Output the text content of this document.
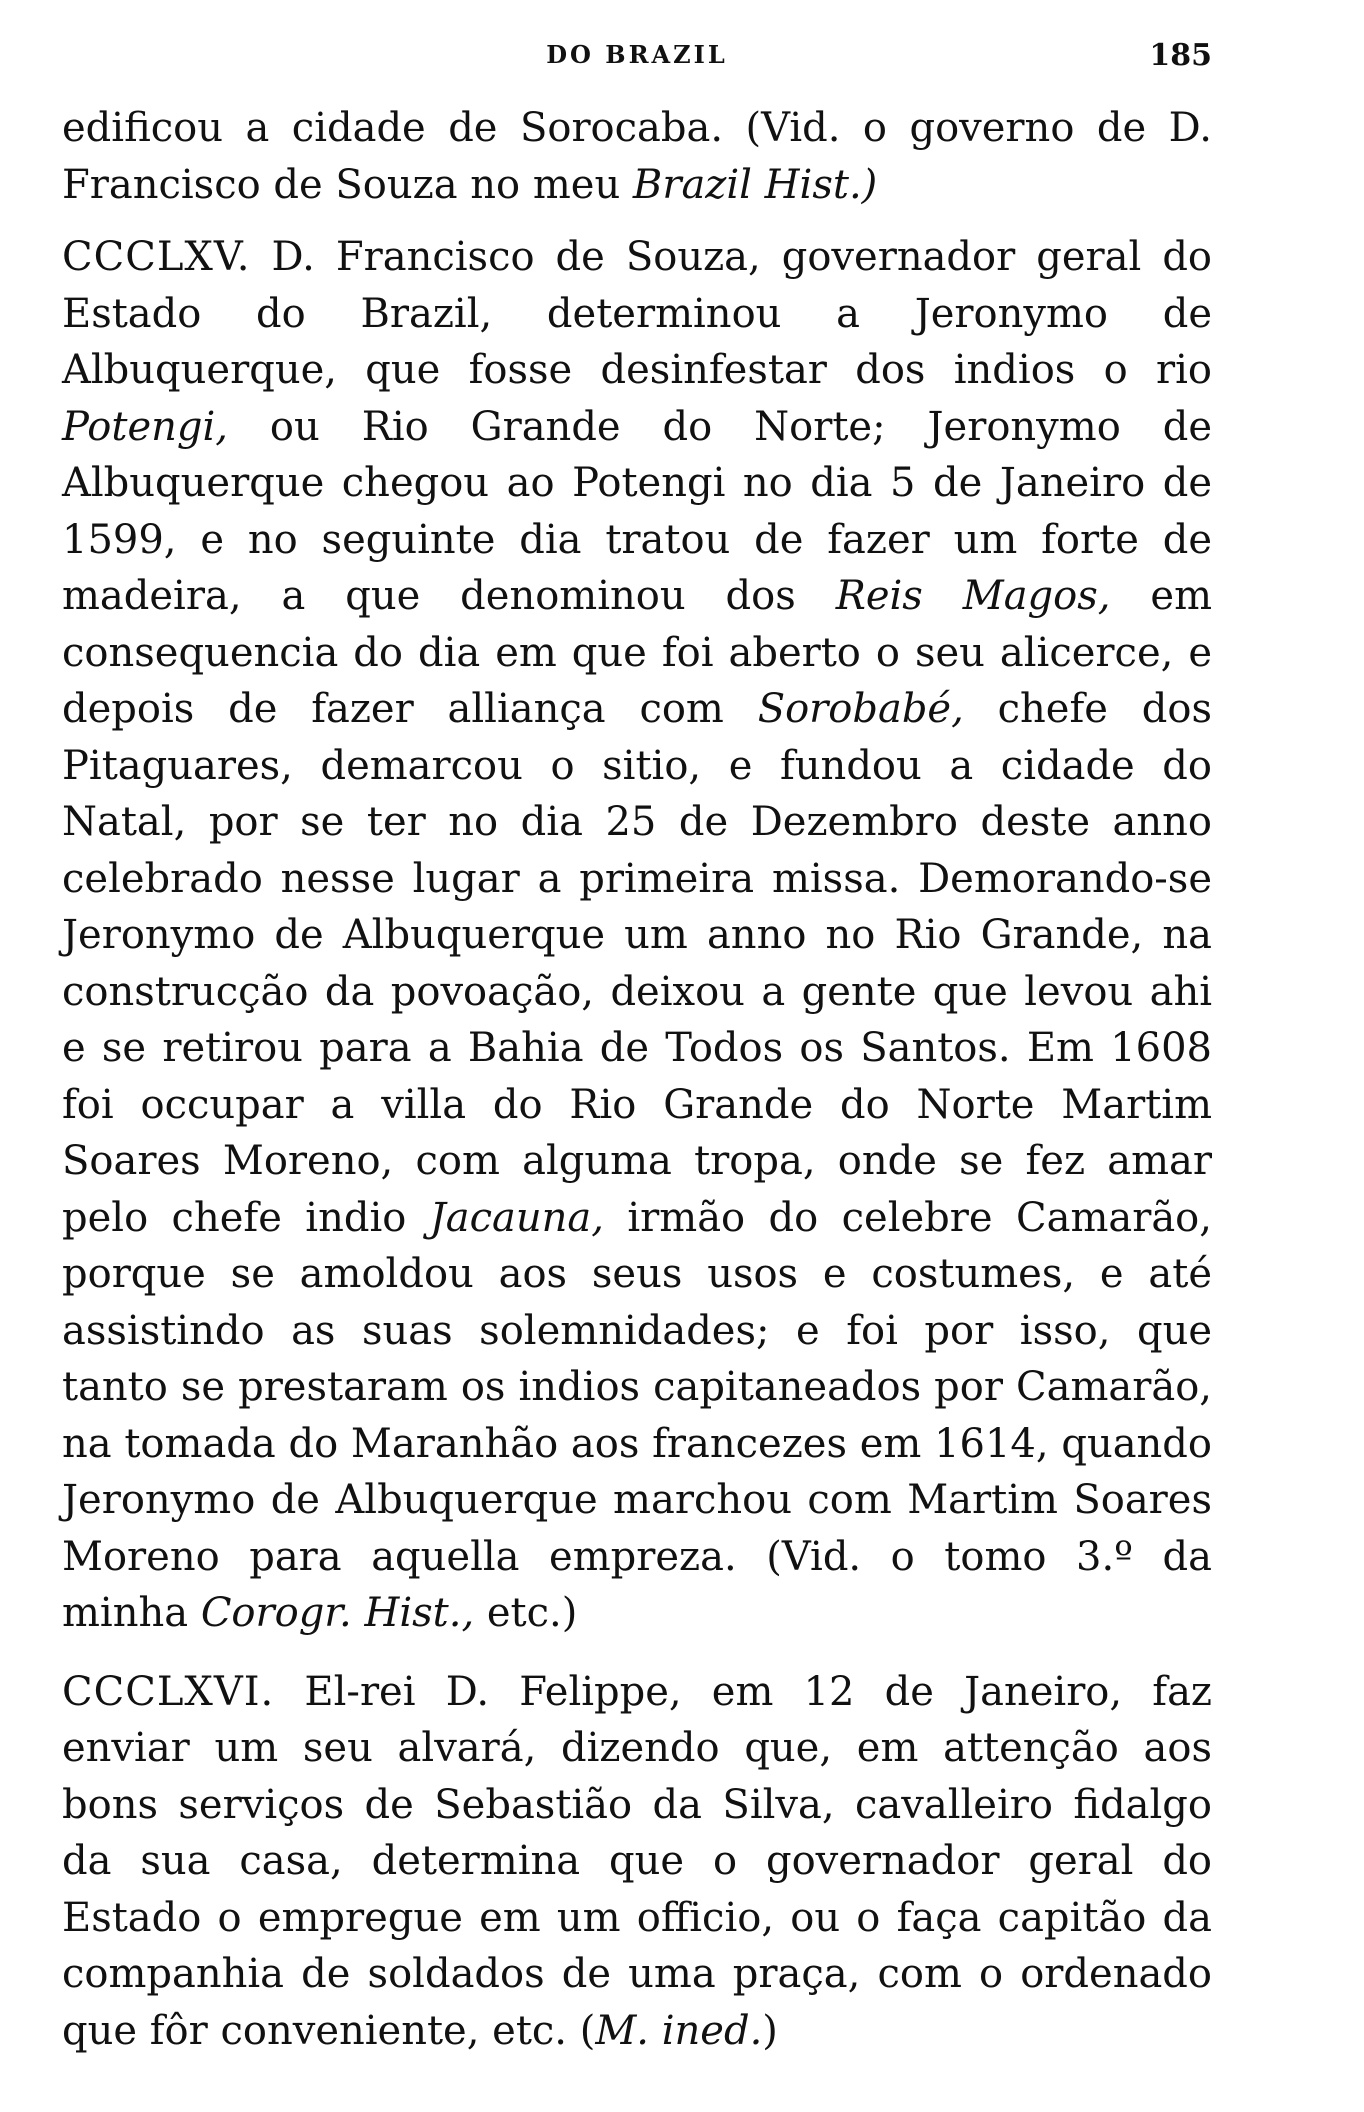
DO BRAZIL	185

edificou a cidade de Sorocaba. (Vid. o governo de D. Francisco de Souza no meu Brazil Hist.)

CCCLXV. D. Francisco de Souza, governador geral do Estado do Brazil, determinou a Jeronymo de Albuquerque, que fosse desinfestar dos indios o rio Potengi, ou Rio Grande do Norte; Jeronymo de Albuquerque chegou ao Potengi no dia 5 de Janeiro de 1599, e no seguinte dia tratou de fazer um forte de madeira, a que denominou dos Reis Magos, em consequencia do dia em que foi aberto o seu alicerce, e depois de fazer alliança com Sorobabé, chefe dos Pitaguares, demarcou o sitio, e fundou a cidade do Natal, por se ter no dia 25 de Dezembro deste anno celebrado nesse lugar a primeira missa. Demorando-se Jeronymo de Albuquerque um anno no Rio Grande, na construcção da povoação, deixou a gente que levou ahi e se retirou para a Bahia de Todos os Santos. Em 1608 foi occupar a villa do Rio Grande do Norte Martim Soares Moreno, com alguma tropa, onde se fez amar pelo chefe indio Jacauna, irmão do celebre Camarão, porque se amoldou aos seus usos e costumes, e até assistindo as suas solemnidades; e foi por isso, que tanto se prestaram os indios capitaneados por Camarão, na tomada do Maranhão aos francezes em 1614, quando Jeronymo de Albuquerque marchou com Martim Soares Moreno para aquella empreza. (Vid. o tomo 3.º da minha Corogr. Hist., etc.)

CCCLXVI. El-rei D. Felippe, em 12 de Janeiro, faz enviar um seu alvará, dizendo que, em attenção aos bons serviços de Sebastião da Silva, cavalleiro fidalgo da sua casa, determina que o governador geral do Estado o empregue em um officio, ou o faça capitão da companhia de soldados de uma praça, com o ordenado que fôr conveniente, etc. (M. ined.)
